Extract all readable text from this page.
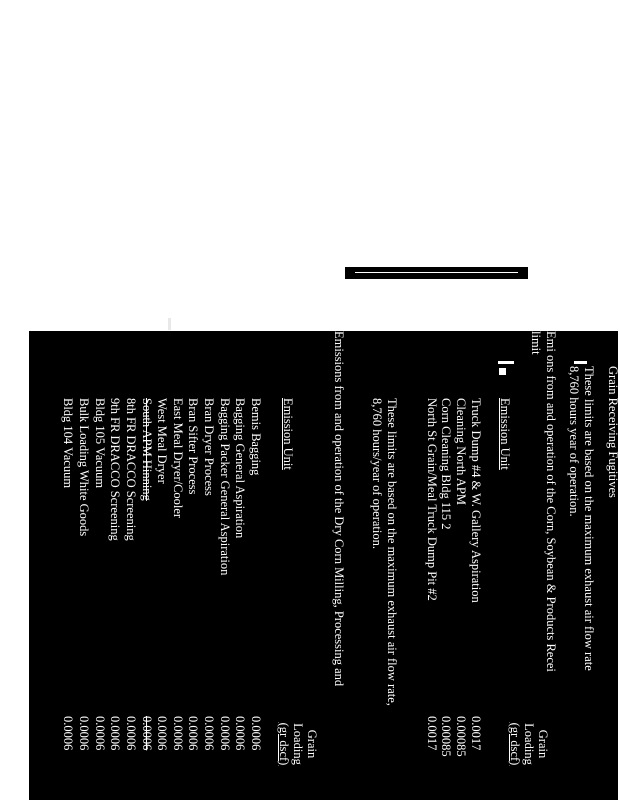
Grain Receiving Fugitives

These limits are based on the maximum exhaust air flow rate
8,760 hours year of operation.
Emi ons from and operation of the Corn, Soybean & Products Recei
limit
Emission Unit
Grain
Loading
(gr dscf)
Truck Dump #4 & W. Gallery Aspiration
Cleaning North APM
Corn Cleaning Bldg 115 2
North St Grain/Meal Truck Dump Pit #2
0.0017
0.00085
0.00085
0.0017
These limits are based on the maximum exhaust air flow rate,
8,760 hours/year of operation.

Emissions from and operation of the Dry Corn Milling, Processing and

Emission Unit
Grain
Loading
(gr dscf)
Bemis Bagging
Bagging General Aspiration
Bagging Packer General Aspiration
Bran Dryer Process
Bran Sifter Process
East Meal Dryer/Cooler
West Meal Dryer
South APM Hinning
8th FR DRACCO Screening
9th FR DRACCO Screening
Bldg 105 Vacuum
Bulk Loading White Goods
Bldg 104 Vacuum
0.0006
0.0006
0.0006
0.0006
0.0006
0.0006
0.0006
0.0006
0.0006
0.0006
0.0006
0.0006
0.0006
